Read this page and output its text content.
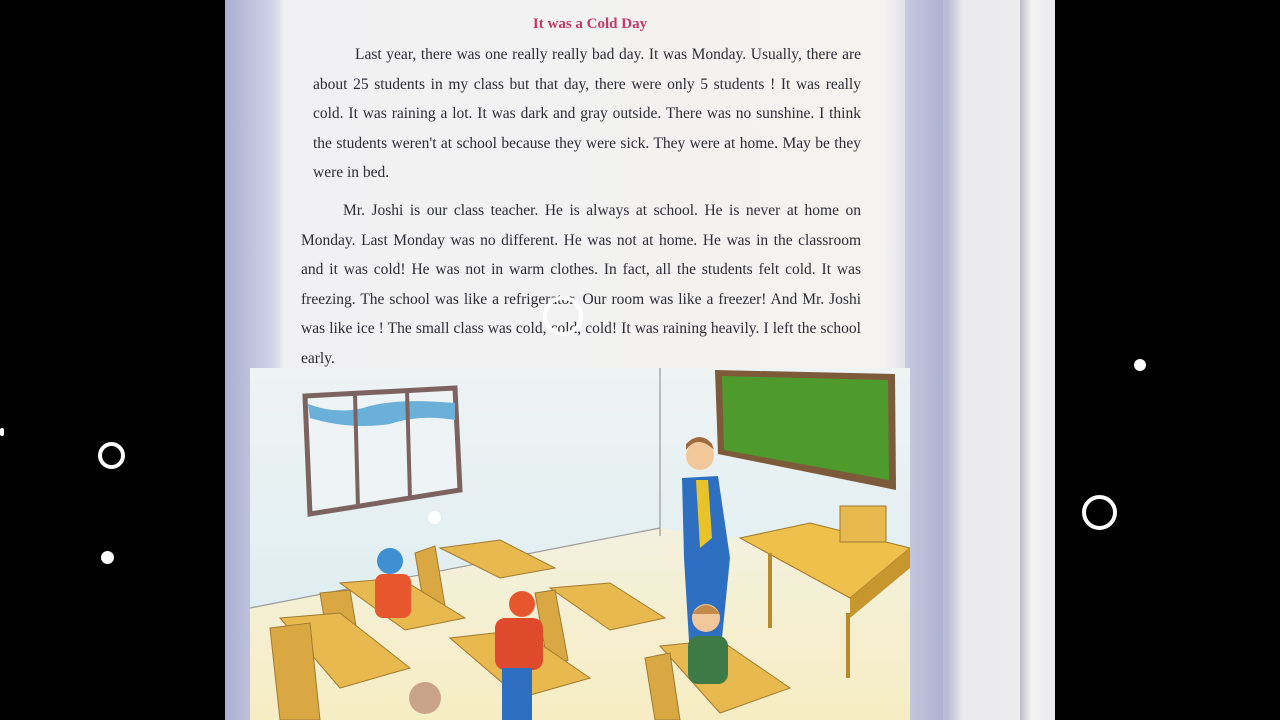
It was a Cold Day
Last year, there was one really really bad day. It was Monday. Usually, there are about 25 students in my class but that day, there were only 5 students ! It was really cold. It was raining a lot. It was dark and gray outside. There was no sunshine. I think the students weren't at school because they were sick. They were at home. May be they were in bed.
Mr. Joshi is our class teacher. He is always at school. He is never at home on Monday. Last Monday was no different. He was not at home. He was in the classroom and it was cold! He was not in warm clothes. In fact, all the students felt cold. It was freezing. The school was like a refrigerator. Our room was like a freezer! And Mr. Joshi was like ice ! The small class was cold, cold, cold! It was raining heavily. I left the school early.
